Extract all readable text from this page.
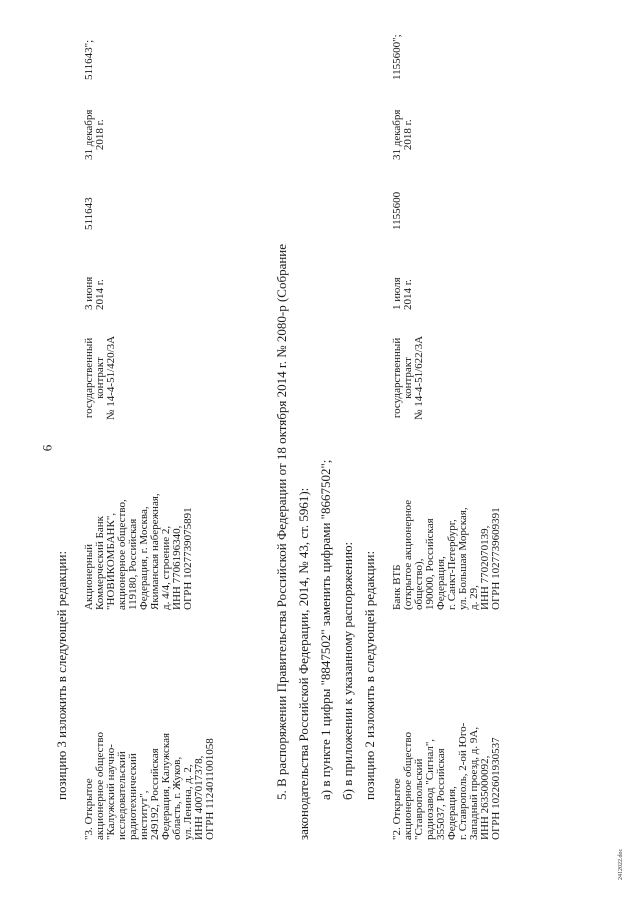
6
позицию 3 изложить в следующей редакции:
"3. Открытое
акционерное общество
"Калужский научно-
исследовательский
радиотехнический
институт",
249192, Российская
Федерация, Калужская
область, г. Жуков,
ул. Ленина, д. 2,
ИНН 4007017378,
ОГРН 1124011001058
Акционерный
Коммерческий Банк
"НОВИКОМБАНК",
акционерное общество,
119180, Российская
Федерация, г. Москва,
Якиманская набережная,
д. 4/4, строение 2,
ИНН 7706196340,
ОГРН 1027739075891
государственный
контракт
№ 14-4-51/420/3А
3 июня
2014 г.
511643
31 декабря
2018 г.
511643";
5. В распоряжении Правительства Российской Федерации от 18 октября 2014 г. № 2080-р (Собрание законодательства Российской Федерации, 2014, № 43, ст. 5961): а) в пункте 1 цифры "8847502" заменить цифрами "8667502"; б) в приложении к указанному распоряжению: позицию 2 изложить в следующей редакции:
"2. Открытое
акционерное общество
"Ставропольский
радиозавод "Сигнал",
355037, Российская
Федерация,
г. Ставрополь, 2-ой Юго-
Западный проезд, д. 9А,
ИНН 2635000092,
ОГРН 1022601930537
Банк ВТБ
(открытое акционерное
общество),
190000, Российская
Федерация,
г. Санкт-Петербург,
ул. Большая Морская,
д. 29,
ИНН 7702070139,
ОГРН 1027739609391
государственный
контракт
№ 14-4-51/622/3А
1 июля
2014 г.
1155600
31 декабря
2018 г.
1155600";
2412022.doc
